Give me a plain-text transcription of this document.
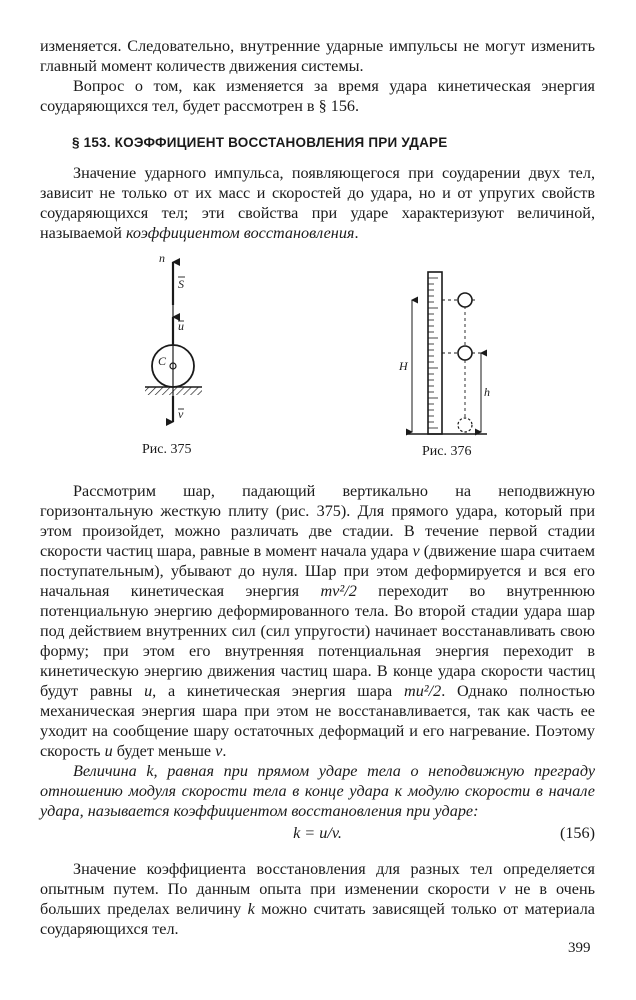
изменяется. Следовательно, внутренние ударные импульсы не могут изменить главный момент количеств движения системы.

Вопрос о том, как изменяется за время удара кинетическая энергия соударяющихся тел, будет рассмотрен в § 156.

§ 153. КОЭФФИЦИЕНТ ВОССТАНОВЛЕНИЯ ПРИ УДАРЕ

Значение ударного импульса, появляющегося при соударении двух тел, зависит не только от их масс и скоростей до удара, но и от упругих свойств соударяющихся тел; эти свойства при ударе характеризуют величиной, называемой коэффициентом восстановления.

n
S
u
C
v
Рис. 375
H
h
Рис. 376

Рассмотрим шар, падающий вертикально на неподвижную горизонтальную жесткую плиту (рис. 375). Для прямого удара, который при этом произойдет, можно различать две стадии. В течение первой стадии скорости частиц шара, равные в момент начала удара v (движение шара считаем поступательным), убывают до нуля. Шар при этом деформируется и вся его начальная кинетическая энергия mv²/2 переходит во внутреннюю потенциальную энергию деформированного тела. Во второй стадии удара шар под действием внутренних сил (сил упругости) начинает восстанавливать свою форму; при этом его внутренняя потенциальная энергия переходит в кинетическую энергию движения частиц шара. В конце удара скорости частиц будут равны u, а кинетическая энергия шара mu²/2. Однако полностью механическая энергия шара при этом не восстанавливается, так как часть ее уходит на сообщение шару остаточных деформаций и его нагревание. Поэтому скорость u будет меньше v.

Величина k, равная при прямом ударе тела о неподвижную преграду отношению модуля скорости тела в конце удара к модулю скорости в начале удара, называется коэффициентом восстановления при ударе:

k = u/v.	(156)

Значение коэффициента восстановления для разных тел определяется опытным путем. По данным опыта при изменении скорости v не в очень больших пределах величину k можно считать зависящей только от материала соударяющихся тел.

399
